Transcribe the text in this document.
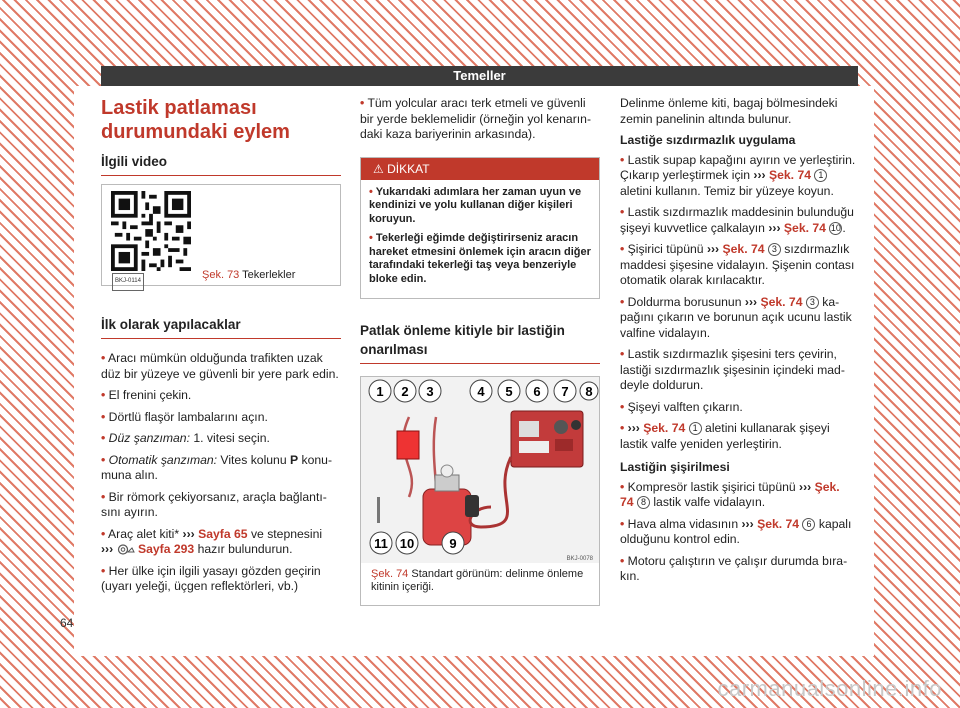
Temeller
Lastik patlaması durumundaki eylem
İlgili video
BKJ-0114	Şek. 73 Tekerlekler
İlk olarak yapılacaklar
• Aracı mümkün olduğunda trafikten uzak düz bir yüzeye ve güvenli bir yere park edin.
• El frenini çekin.
• Dörtlü flaşör lambalarını açın.
• Düz şanzıman: 1. vitesi seçin.
• Otomatik şanzıman: Vites kolunu P konumuna alın.
• Bir römork çekiyorsanız, araçla bağlantısını ayırın.
• Araç alet kiti* ››› Sayfa 65 ve stepnesini
››› Sayfa 293 hazır bulundurun.
• Her ülke için ilgili yasayı gözden geçirin (uyarı yeleği, üçgen reflektörleri, vb.)
• Tüm yolcular aracı terk etmeli ve güvenli bir yerde beklemelidir (örneğin yol kenarındaki kaza bariyerinin arkasında).
⚠ DİKKAT

• Yukarıdaki adımlara her zaman uyun ve kendinizi ve yolu kullanan diğer kişileri koruyun.

• Tekerleği eğimde değiştirirseniz aracın hareket etmesini önlemek için aracın diğer tarafındaki tekerleği taş veya benzeriyle bloke edin.

Patlak önleme kitiyle bir lastiğin onarılması
1 2 3	4 5 6 7 8
9
10
11
BKJ-0078
Şek. 74 Standart görünüm: delinme önleme kitinin içeriği.
Delinme önleme kiti, bagaj bölmesindeki zemin panelinin altında bulunur.
Lastiğe sızdırmazlık uygulama
• Lastik supap kapağını ayırın ve yerleştirin. Çıkarıp yerleştirmek için ››› Şek. 74 1 aletini kullanın. Temiz bir yüzeye koyun.
• Lastik sızdırmazlık maddesinin bulunduğu şişeyi kuvvetlice çalkalayın ››› Şek. 74 10 .
• Şişirici tüpünü ››› Şek. 74 3 sızdırmazlık maddesi şişesine vidalayın. Şişenin contası otomatik olarak kırılacaktır.
• Doldurma borusunun ››› Şek. 74 3 kapağını çıkarın ve borunun açık ucunu lastik valfine vidalayın.
• Lastik sızdırmazlık şişesini ters çevirin, lastiği sızdırmazlık şişesinin içindeki maddeyle doldurun.
• Şişeyi valften çıkarın.
• ››› Şek. 74 1 aletini kullanarak şişeyi lastik valfe yeniden yerleştirin.
Lastiğin şişirilmesi
• Kompresör lastik şişirici tüpünü ››› Şek.
74 8 lastik valfe vidalayın.
• Hava alma vidasının ››› Şek. 74 6 kapalı olduğunu kontrol edin.
• Motoru çalıştırın ve çalışır durumda bırakın.
64
carmanualsonline.info
